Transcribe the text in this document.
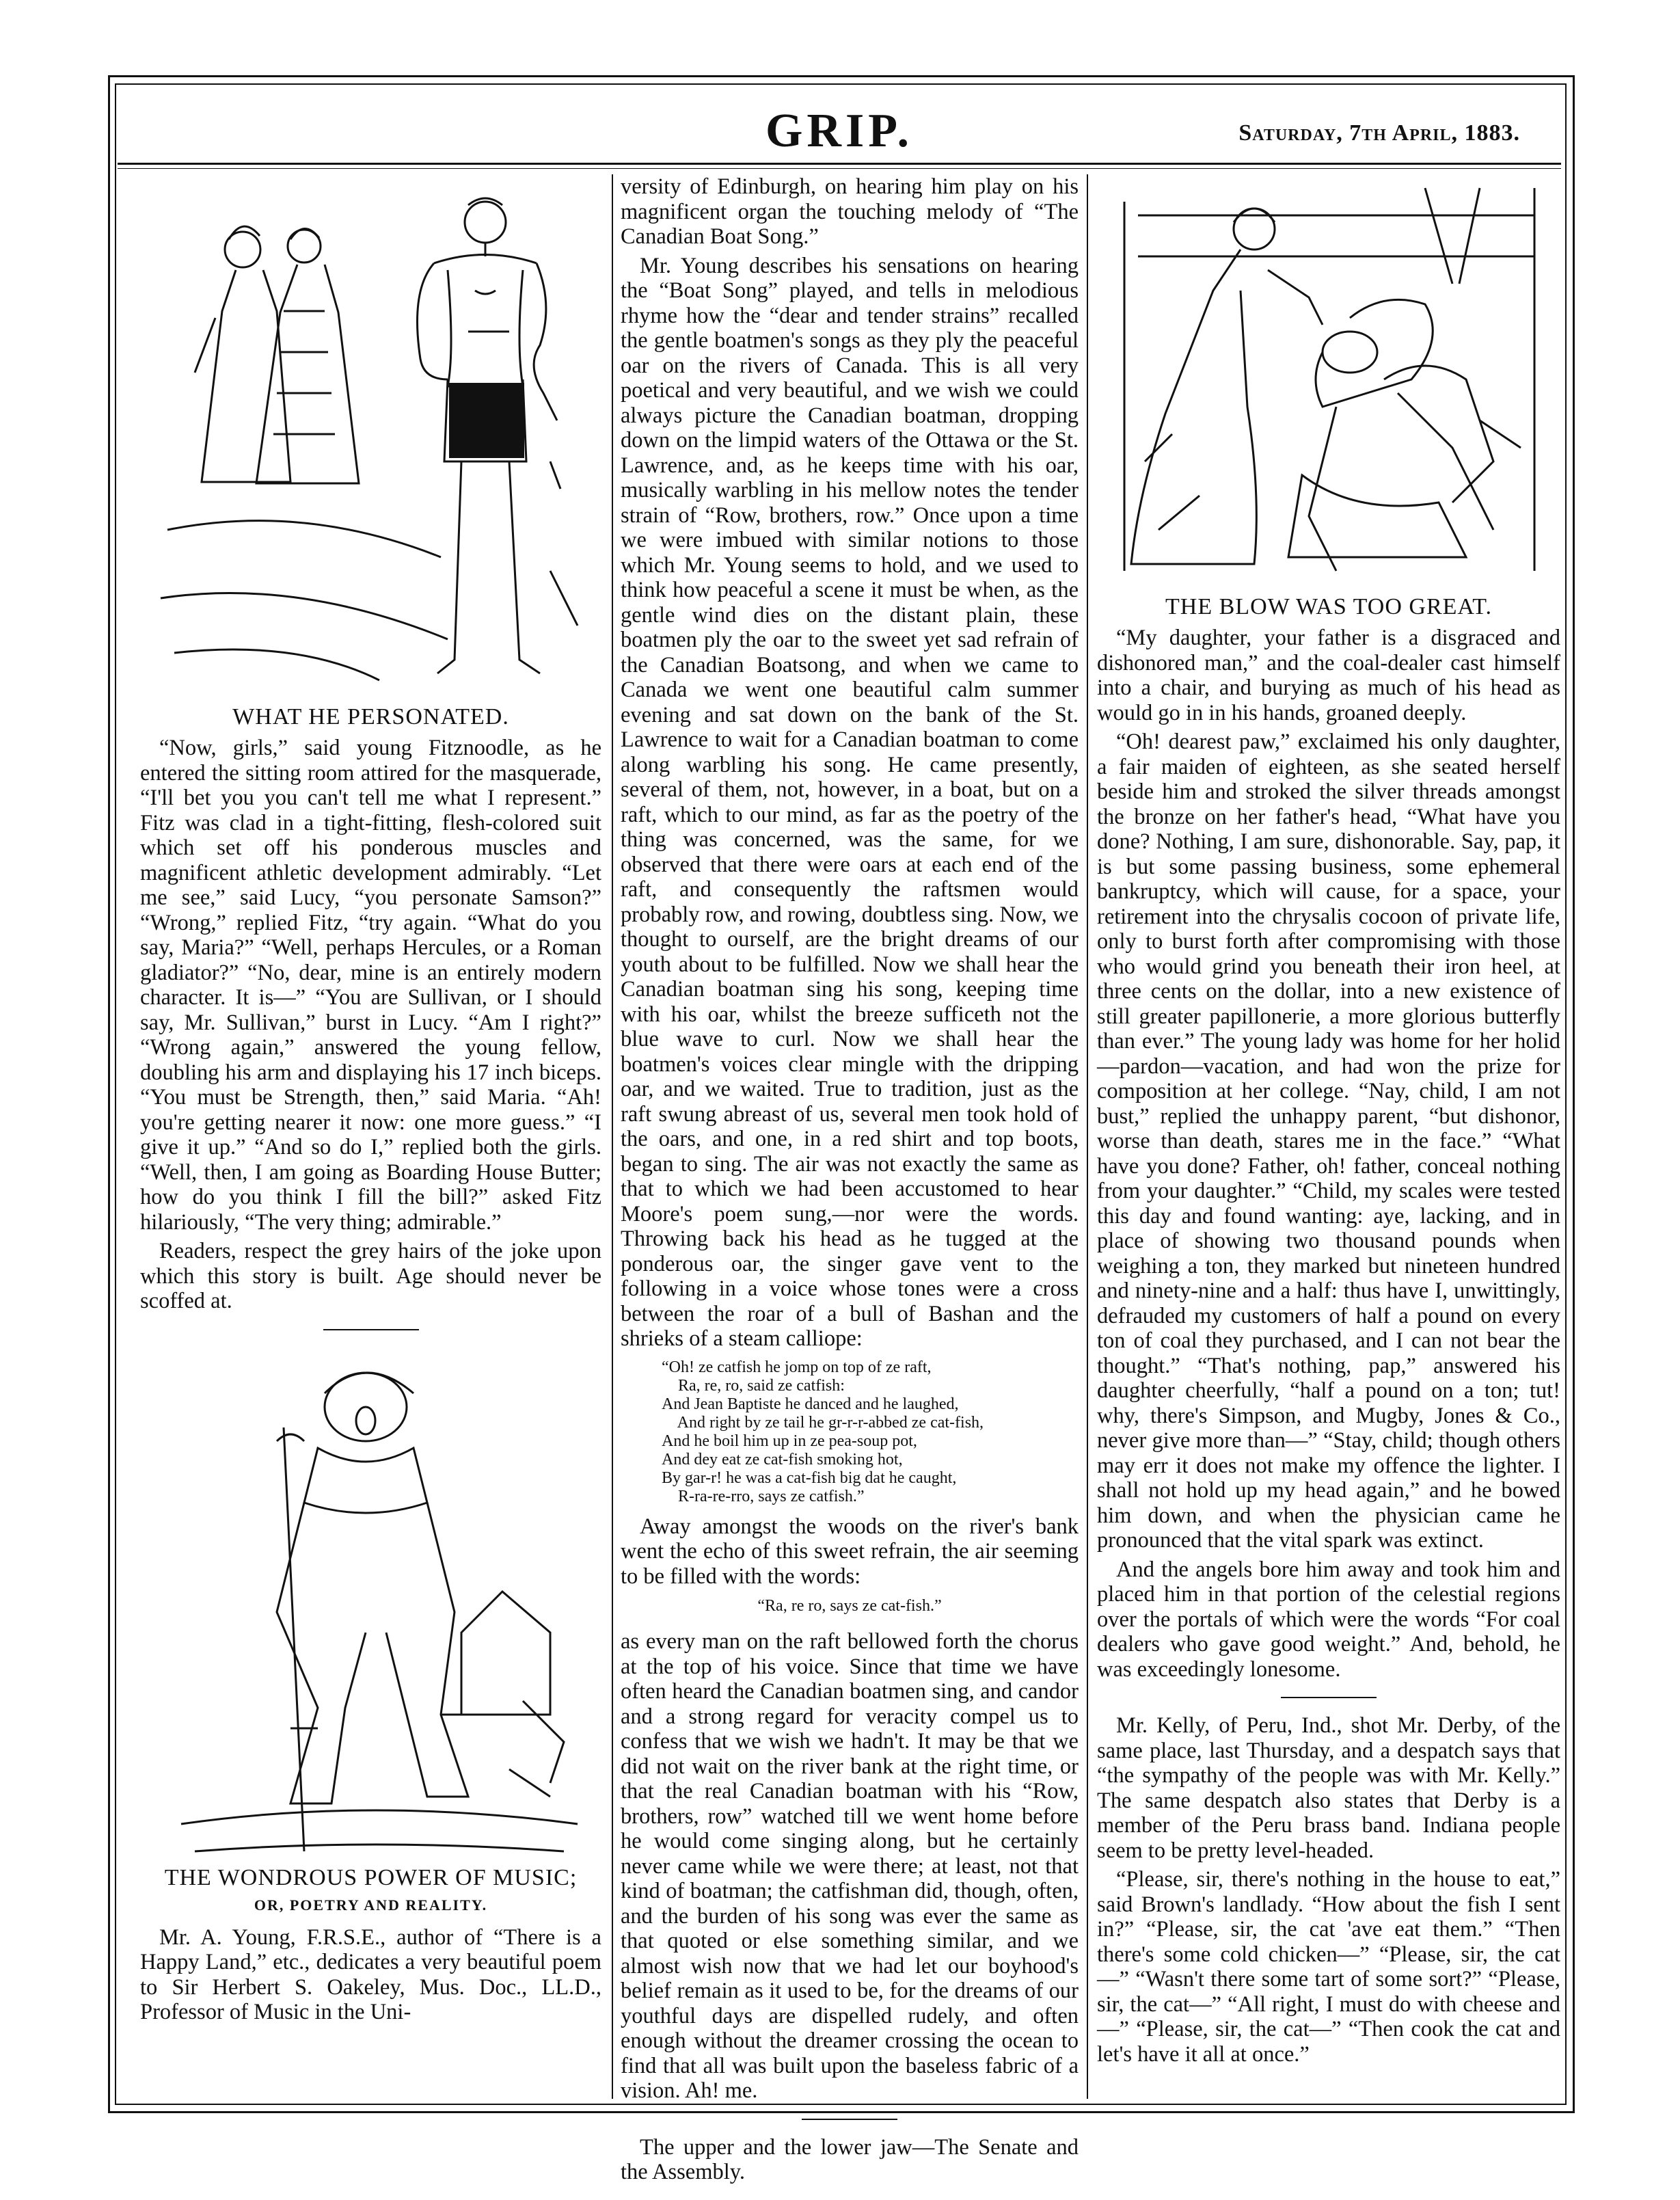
GRIP.	Saturday, 7th April, 1883.
WHAT HE PERSONATED.

“Now, girls,” said young Fitznoodle, as he entered the sitting room attired for the masquerade, “I'll bet you you can't tell me what I represent.” Fitz was clad in a tight-fitting, flesh-colored suit which set off his ponderous muscles and magnificent athletic development admirably. “Let me see,” said Lucy, “you personate Samson?” “Wrong,” replied Fitz, “try again. “What do you say, Maria?” “Well, perhaps Hercules, or a Roman gladiator?” “No, dear, mine is an entirely modern character. It is—” “You are Sullivan, or I should say, Mr. Sullivan,” burst in Lucy. “Am I right?” “Wrong again,” answered the young fellow, doubling his arm and displaying his 17 inch biceps. “You must be Strength, then,” said Maria. “Ah! you're getting nearer it now: one more guess.” “I give it up.” “And so do I,” replied both the girls. “Well, then, I am going as Boarding House Butter; how do you think I fill the bill?” asked Fitz hilariously, “The very thing; admirable.”

Readers, respect the grey hairs of the joke upon which this story is built. Age should never be scoffed at.

THE WONDROUS POWER OF MUSIC;
OR, POETRY AND REALITY.

Mr. A. Young, F.R.S.E., author of “There is a Happy Land,” etc., dedicates a very beautiful poem to Sir Herbert S. Oakeley, Mus. Doc., LL.D., Professor of Music in the Uni-

versity of Edinburgh, on hearing him play on his magnificent organ the touching melody of “The Canadian Boat Song.”

Mr. Young describes his sensations on hearing the “Boat Song” played, and tells in melodious rhyme how the “dear and tender strains” recalled the gentle boatmen's songs as they ply the peaceful oar on the rivers of Canada. This is all very poetical and very beautiful, and we wish we could always picture the Canadian boatman, dropping down on the limpid waters of the Ottawa or the St. Lawrence, and, as he keeps time with his oar, musically warbling in his mellow notes the tender strain of “Row, brothers, row.” Once upon a time we were imbued with similar notions to those which Mr. Young seems to hold, and we used to think how peaceful a scene it must be when, as the gentle wind dies on the distant plain, these boatmen ply the oar to the sweet yet sad refrain of the Canadian Boatsong, and when we came to Canada we went one beautiful calm summer evening and sat down on the bank of the St. Lawrence to wait for a Canadian boatman to come along warbling his song. He came presently, several of them, not, however, in a boat, but on a raft, which to our mind, as far as the poetry of the thing was concerned, was the same, for we observed that there were oars at each end of the raft, and consequently the raftsmen would probably row, and rowing, doubtless sing. Now, we thought to ourself, are the bright dreams of our youth about to be fulfilled. Now we shall hear the Canadian boatman sing his song, keeping time with his oar, whilst the breeze sufficeth not the blue wave to curl. Now we shall hear the boatmen's voices clear mingle with the dripping oar, and we waited. True to tradition, just as the raft swung abreast of us, several men took hold of the oars, and one, in a red shirt and top boots, began to sing. The air was not exactly the same as that to which we had been accustomed to hear Moore's poem sung,—nor were the words. Throwing back his head as he tugged at the ponderous oar, the singer gave vent to the following in a voice whose tones were a cross between the roar of a bull of Bashan and the shrieks of a steam calliope:

“Oh! ze catfish he jomp on top of ze raft,
Ra, re, ro, said ze catfish:
And Jean Baptiste he danced and he laughed,
And right by ze tail he gr-r-r-abbed ze cat-fish,
And he boil him up in ze pea-soup pot,
And dey eat ze cat-fish smoking hot,
By gar-r! he was a cat-fish big dat he caught,
R-ra-re-rro, says ze catfish.”

Away amongst the woods on the river's bank went the echo of this sweet refrain, the air seeming to be filled with the words:

“Ra, re ro, says ze cat-fish.”

as every man on the raft bellowed forth the chorus at the top of his voice. Since that time we have often heard the Canadian boatmen sing, and candor and a strong regard for veracity compel us to confess that we wish we hadn't. It may be that we did not wait on the river bank at the right time, or that the real Canadian boatman with his “Row, brothers, row” watched till we went home before he would come singing along, but he certainly never came while we were there; at least, not that kind of boatman; the catfishman did, though, often, and the burden of his song was ever the same as that quoted or else something similar, and we almost wish now that we had let our boyhood's belief remain as it used to be, for the dreams of our youthful days are dispelled rudely, and often enough without the dreamer crossing the ocean to find that all was built upon the baseless fabric of a vision. Ah! me.

The upper and the lower jaw—The Senate and the Assembly.

THE BLOW WAS TOO GREAT.

“My daughter, your father is a disgraced and dishonored man,” and the coal-dealer cast himself into a chair, and burying as much of his head as would go in in his hands, groaned deeply.

“Oh! dearest paw,” exclaimed his only daughter, a fair maiden of eighteen, as she seated herself beside him and stroked the silver threads amongst the bronze on her father's head, “What have you done? Nothing, I am sure, dishonorable. Say, pap, it is but some passing business, some ephemeral bankruptcy, which will cause, for a space, your retirement into the chrysalis cocoon of private life, only to burst forth after compromising with those who would grind you beneath their iron heel, at three cents on the dollar, into a new existence of still greater papillonerie, a more glorious butterfly than ever.” The young lady was home for her holid—pardon—vacation, and had won the prize for composition at her college. “Nay, child, I am not bust,” replied the unhappy parent, “but dishonor, worse than death, stares me in the face.” “What have you done? Father, oh! father, conceal nothing from your daughter.” “Child, my scales were tested this day and found wanting: aye, lacking, and in place of showing two thousand pounds when weighing a ton, they marked but nineteen hundred and ninety-nine and a half: thus have I, unwittingly, defrauded my customers of half a pound on every ton of coal they purchased, and I can not bear the thought.” “That's nothing, pap,” answered his daughter cheerfully, “half a pound on a ton; tut! why, there's Simpson, and Mugby, Jones & Co., never give more than—” “Stay, child; though others may err it does not make my offence the lighter. I shall not hold up my head again,” and he bowed him down, and when the physician came he pronounced that the vital spark was extinct.

And the angels bore him away and took him and placed him in that portion of the celestial regions over the portals of which were the words “For coal dealers who gave good weight.” And, behold, he was exceedingly lonesome.

Mr. Kelly, of Peru, Ind., shot Mr. Derby, of the same place, last Thursday, and a despatch says that “the sympathy of the people was with Mr. Kelly.” The same despatch also states that Derby is a member of the Peru brass band. Indiana people seem to be pretty level-headed.

“Please, sir, there's nothing in the house to eat,” said Brown's landlady. “How about the fish I sent in?” “Please, sir, the cat 'ave eat them.” “Then there's some cold chicken—” “Please, sir, the cat—” “Wasn't there some tart of some sort?” “Please, sir, the cat—” “All right, I must do with cheese and—” “Please, sir, the cat—” “Then cook the cat and let's have it all at once.”
